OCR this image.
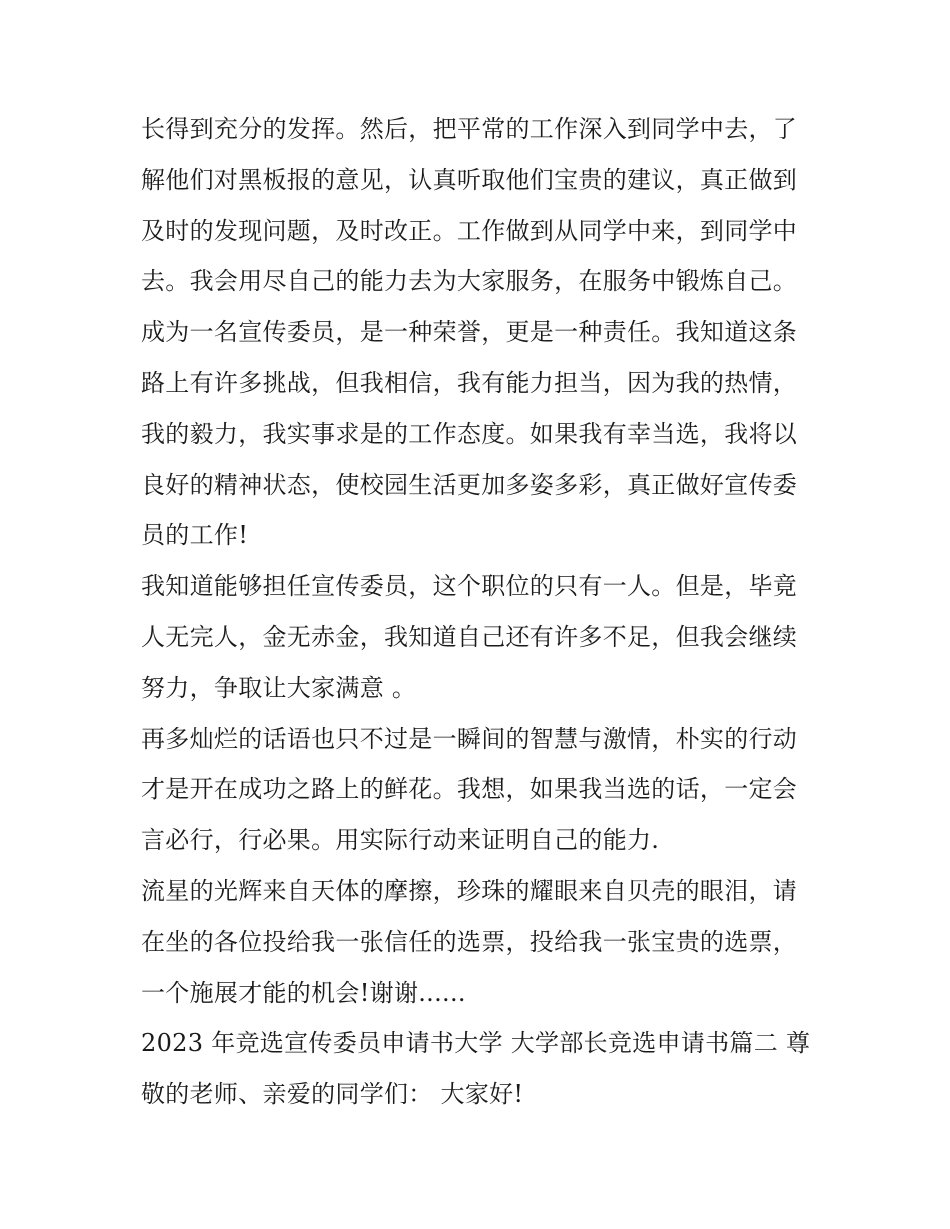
长得到充分的发挥。然后，把平常的工作深入到同学中去，了
解他们对黑板报的意见，认真听取他们宝贵的建议，真正做到
及时的发现问题，及时改正。工作做到从同学中来，到同学中
去。我会用尽自己的能力去为大家服务，在服务中锻炼自己。
成为一名宣传委员，是一种荣誉，更是一种责任。我知道这条
路上有许多挑战，但我相信，我有能力担当，因为我的热情，
我的毅力，我实事求是的工作态度。如果我有幸当选，我将以
良好的精神状态，使校园生活更加多姿多彩，真正做好宣传委
员的工作!
我知道能够担任宣传委员，这个职位的只有一人。但是，毕竟
人无完人，金无赤金，我知道自己还有许多不足，但我会继续
努力，争取让大家满意 。
再多灿烂的话语也只不过是一瞬间的智慧与激情，朴实的行动
才是开在成功之路上的鲜花。我想，如果我当选的话，一定会
言必行，行必果。用实际行动来证明自己的能力.
流星的光辉来自天体的摩擦，珍珠的耀眼来自贝壳的眼泪，请
在坐的各位投给我一张信任的选票，投给我一张宝贵的选票，
一个施展才能的机会!谢谢......
2023 年竞选宣传委员申请书大学 大学部长竞选申请书篇二 尊
敬的老师、亲爱的同学们： 大家好!
